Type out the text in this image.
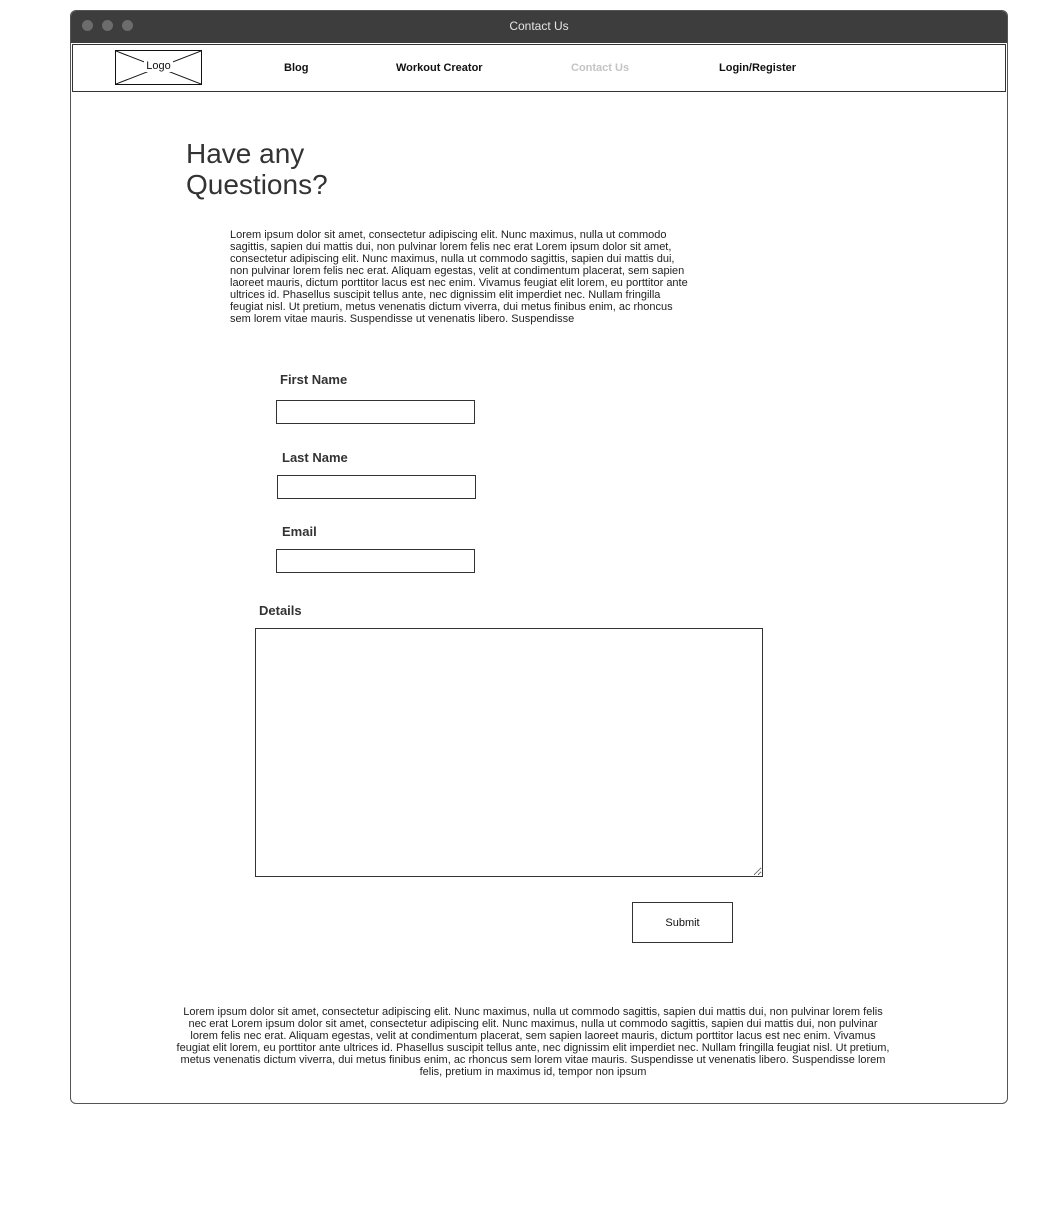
Contact Us
Logo	Blog	Workout Creator	Contact Us	Login/Register
Have any Questions?

Lorem ipsum dolor sit amet, consectetur adipiscing elit. Nunc maximus, nulla ut commodo sagittis, sapien dui mattis dui, non pulvinar lorem felis nec erat Lorem ipsum dolor sit amet, consectetur adipiscing elit. Nunc maximus, nulla ut commodo sagittis, sapien dui mattis dui, non pulvinar lorem felis nec erat. Aliquam egestas, velit at condimentum placerat, sem sapien laoreet mauris, dictum porttitor lacus est nec enim. Vivamus feugiat elit lorem, eu porttitor ante ultrices id. Phasellus suscipit tellus ante, nec dignissim elit imperdiet nec. Nullam fringilla feugiat nisl. Ut pretium, metus venenatis dictum viverra, dui metus finibus enim, ac rhoncus sem lorem vitae mauris. Suspendisse ut venenatis libero. Suspendisse

First Name
Last Name
Email
Details
Submit

Lorem ipsum dolor sit amet, consectetur adipiscing elit. Nunc maximus, nulla ut commodo sagittis, sapien dui mattis dui, non pulvinar lorem felis nec erat Lorem ipsum dolor sit amet, consectetur adipiscing elit. Nunc maximus, nulla ut commodo sagittis, sapien dui mattis dui, non pulvinar lorem felis nec erat. Aliquam egestas, velit at condimentum placerat, sem sapien laoreet mauris, dictum porttitor lacus est nec enim. Vivamus feugiat elit lorem, eu porttitor ante ultrices id. Phasellus suscipit tellus ante, nec dignissim elit imperdiet nec. Nullam fringilla feugiat nisl. Ut pretium, metus venenatis dictum viverra, dui metus finibus enim, ac rhoncus sem lorem vitae mauris. Suspendisse ut venenatis libero. Suspendisse lorem felis, pretium in maximus id, tempor non ipsum
